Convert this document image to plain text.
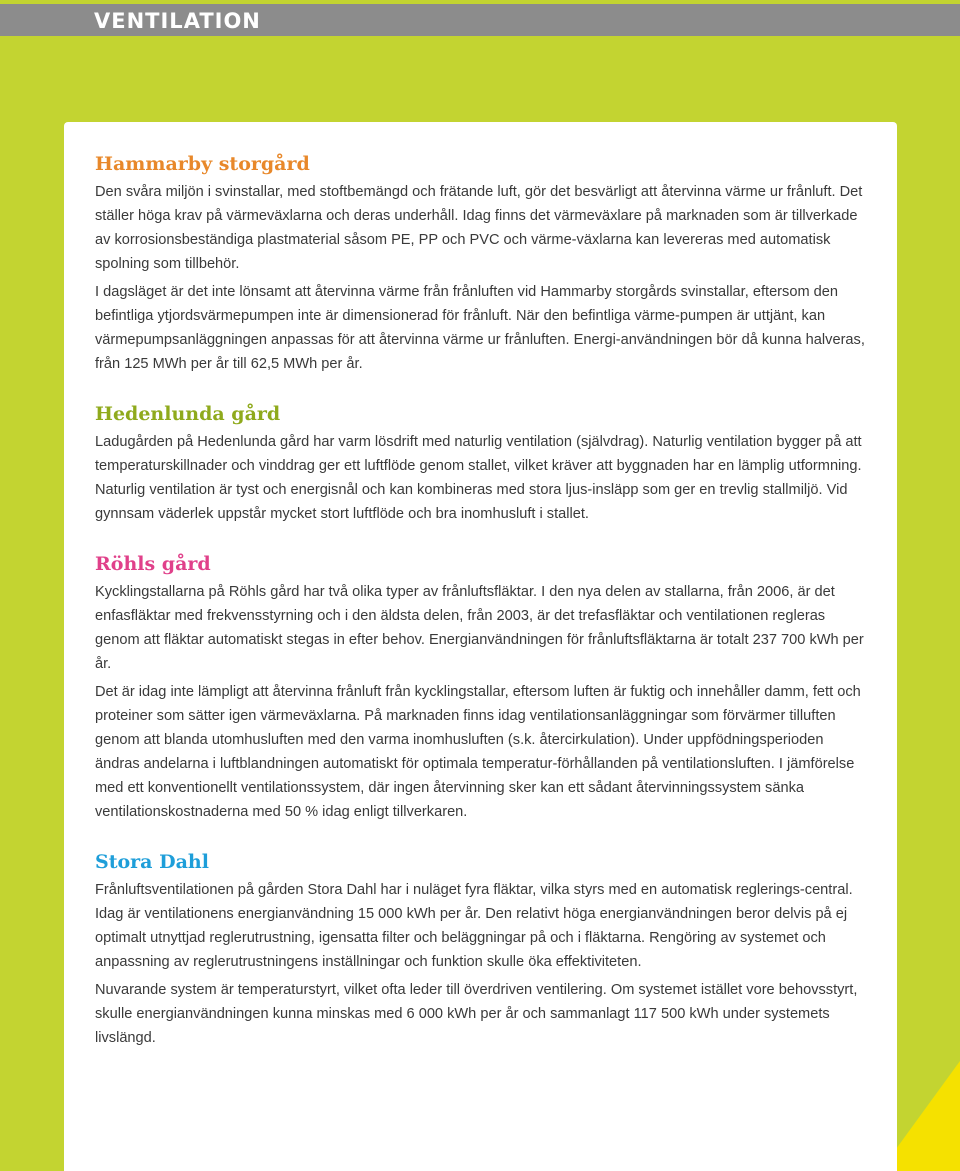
VENTILATION
Hammarby storgård

Den svåra miljön i svinstallar, med stoftbemängd och frätande luft, gör det besvärligt att återvinna värme ur frånluft. Det ställer höga krav på värmeväxlarna och deras underhåll. Idag finns det värmeväxlare på marknaden som är tillverkade av korrosionsbeständiga plastmaterial såsom PE, PP och PVC och värme-växlarna kan levereras med automatisk spolning som tillbehör.

I dagsläget är det inte lönsamt att återvinna värme från frånluften vid Hammarby storgårds svinstallar, eftersom den befintliga ytjordsvärmepumpen inte är dimensionerad för frånluft. När den befintliga värme-pumpen är uttjänt, kan värmepumpsanläggningen anpassas för att återvinna värme ur frånluften. Energi-användningen bör då kunna halveras, från 125 MWh per år till 62,5 MWh per år.

Hedenlunda gård

Ladugården på Hedenlunda gård har varm lösdrift med naturlig ventilation (självdrag). Naturlig ventilation bygger på att temperaturskillnader och vinddrag ger ett luftflöde genom stallet, vilket kräver att byggnaden har en lämplig utformning. Naturlig ventilation är tyst och energisnål och kan kombineras med stora ljus-insläpp som ger en trevlig stallmiljö. Vid gynnsam väderlek uppstår mycket stort luftflöde och bra inomhusluft i stallet.

Röhls gård

Kycklingstallarna på Röhls gård har två olika typer av frånluftsfläktar. I den nya delen av stallarna, från 2006, är det enfasfläktar med frekvensstyrning och i den äldsta delen, från 2003, är det trefasfläktar och ventilationen regleras genom att fläktar automatiskt stegas in efter behov. Energianvändningen för frånluftsfläktarna är totalt 237 700 kWh per år.

Det är idag inte lämpligt att återvinna frånluft från kycklingstallar, eftersom luften är fuktig och innehåller damm, fett och proteiner som sätter igen värmeväxlarna. På marknaden finns idag ventilationsanläggningar som förvärmer tilluften genom att blanda utomhusluften med den varma inomhusluften (s.k. återcirkulation). Under uppfödningsperioden ändras andelarna i luftblandningen automatiskt för optimala temperatur-förhållanden på ventilationsluften. I jämförelse med ett konventionellt ventilationssystem, där ingen återvinning sker kan ett sådant återvinningssystem sänka ventilationskostnaderna med 50 % idag enligt tillverkaren.

Stora Dahl

Frånluftsventilationen på gården Stora Dahl har i nuläget fyra fläktar, vilka styrs med en automatisk reglerings-central. Idag är ventilationens energianvändning 15 000 kWh per år. Den relativt höga energianvändningen beror delvis på ej optimalt utnyttjad reglerutrustning, igensatta filter och beläggningar på och i fläktarna. Rengöring av systemet och anpassning av reglerutrustningens inställningar och funktion skulle öka effektiviteten.

Nuvarande system är temperaturstyrt, vilket ofta leder till överdriven ventilering. Om systemet istället vore behovsstyrt, skulle energianvändningen kunna minskas med 6 000 kWh per år och sammanlagt 117 500 kWh under systemets livslängd.
